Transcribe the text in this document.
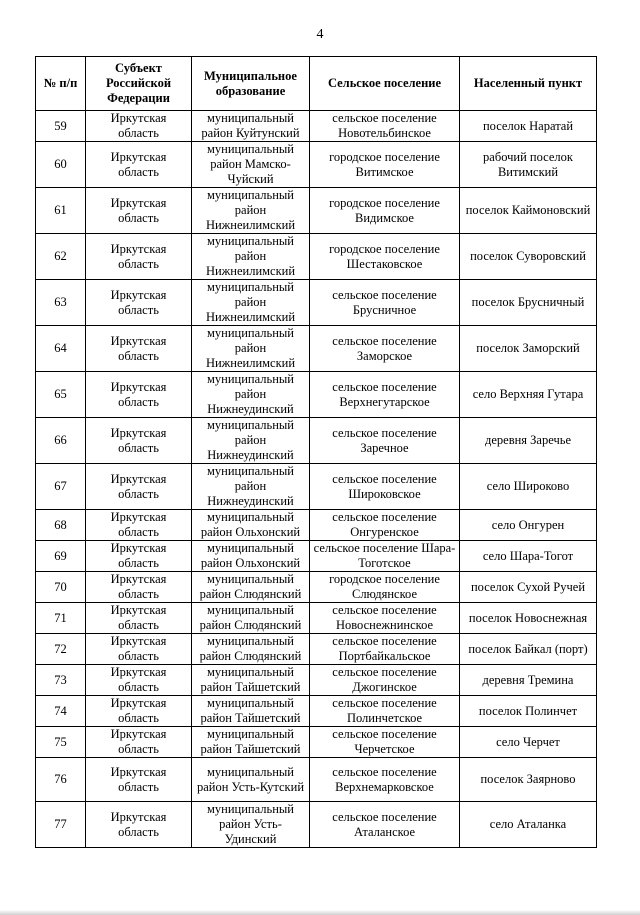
4
№ п/п	Субъект Российской Федерации	Муниципальное образование	Сельское поселение	Населенный пункт
59	Иркутская область	муниципальный район Куйтунский	сельское поселение Новотельбинское	поселок Наратай
60	Иркутская область	муниципальный район Мамско-Чуйский	городское поселение Витимское	рабочий поселок Витимский
61	Иркутская область	муниципальный район Нижнеилимский	городское поселение Видимское	поселок Каймоновский
62	Иркутская область	муниципальный район Нижнеилимский	городское поселение Шестаковское	поселок Суворовский
63	Иркутская область	муниципальный район Нижнеилимский	сельское поселение Брусничное	поселок Брусничный
64	Иркутская область	муниципальный район Нижнеилимский	сельское поселение Заморское	поселок Заморский
65	Иркутская область	муниципальный район Нижнеудинский	сельское поселение Верхнегутарское	село Верхняя Гутара
66	Иркутская область	муниципальный район Нижнеудинский	сельское поселение Заречное	деревня Заречье
67	Иркутская область	муниципальный район Нижнеудинский	сельское поселение Широковское	село Широково
68	Иркутская область	муниципальный район Ольхонский	сельское поселение Онгуренское	село Онгурен
69	Иркутская область	муниципальный район Ольхонский	сельское поселение Шара-Тоготское	село Шара-Тогот
70	Иркутская область	муниципальный район Слюдянский	городское поселение Слюдянское	поселок Сухой Ручей
71	Иркутская область	муниципальный район Слюдянский	сельское поселение Новоснежнинское	поселок Новоснежная
72	Иркутская область	муниципальный район Слюдянский	сельское поселение Портбайкальское	поселок Байкал (порт)
73	Иркутская область	муниципальный район Тайшетский	сельское поселение Джогинское	деревня Тремина
74	Иркутская область	муниципальный район Тайшетский	сельское поселение Полинчетское	поселок Полинчет
75	Иркутская область	муниципальный район Тайшетский	сельское поселение Черчетское	село Черчет
76	Иркутская область	муниципальный район Усть-Кутский	сельское поселение Верхнемарковское	поселок Заярново
77	Иркутская область	муниципальный район Усть-Удинский	сельское поселение Аталанское	село Аталанка
